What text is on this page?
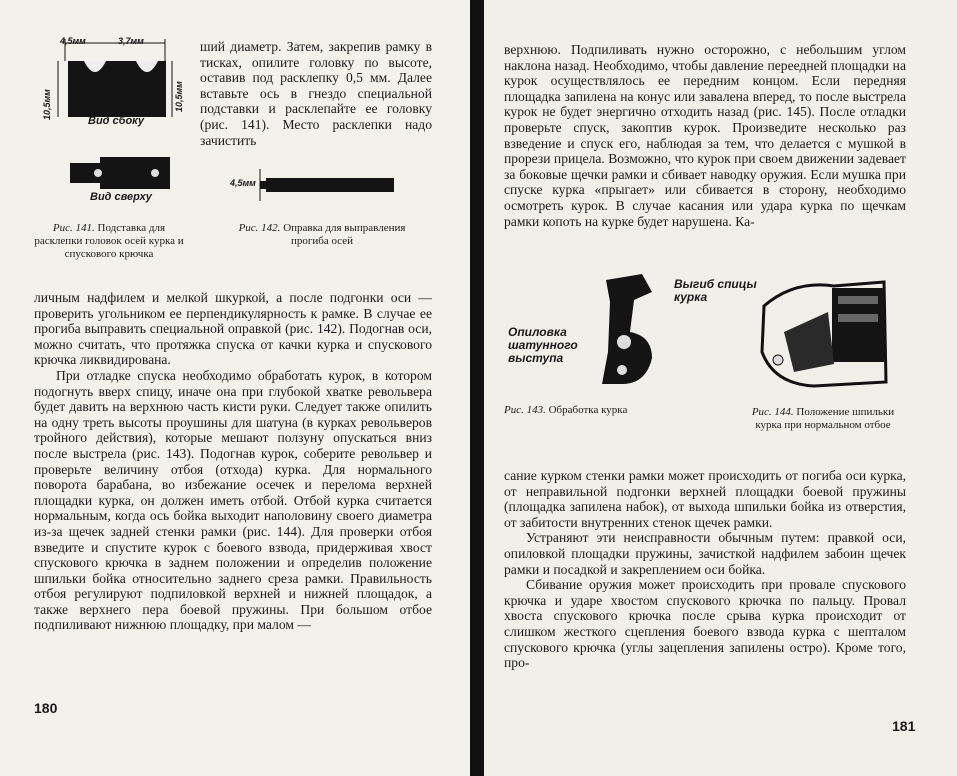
4,5мм	3,7мм
10,5мм	10,5мм
Вид сбоку
Вид сверху

Рис. 141. Подставка для расклепки головок осей курка и спускового крючка

ший диаметр. Затем, закрепив рамку в тисках, опилите головку по высоте, оставив под расклепку 0,5 мм. Далее вставьте ось в гнездо специальной подставки и расклепайте ее головку (рис. 141). Место расклепки надо зачистить

4,5мм

Рис. 142. Оправка для выправления прогиба осей

личным надфилем и мелкой шкуркой, а после подгонки оси — проверить угольником ее перпендикулярность к рамке. В случае ее прогиба выправить специальной оправкой (рис. 142). Подогнав оси, можно считать, что протяжка спуска от качки курка и спускового крючка ликвидирована.

При отладке спуска необходимо обработать курок, в котором подогнуть вверх спицу, иначе она при глубокой хватке револьвера будет давить на верхнюю часть кисти руки. Следует также опилить на одну треть высоты проушины для шатуна (в курках револьверов тройного действия), которые мешают ползуну опускаться вниз после выстрела (рис. 143). Подогнав курок, соберите револьвер и проверьте величину отбоя (отхода) курка. Для нормального поворота барабана, во избежание осечек и перелома верхней площадки курка, он должен иметь отбой. Отбой курка считается нормальным, когда ось бойка выходит наполовину своего диаметра из-за щечек задней стенки рамки (рис. 144). Для проверки отбоя взведите и спустите курок с боевого взвода, придерживая хвост спускового крючка в заднем положении и определив положение шпильки бойка относительно заднего среза рамки. Правильность отбоя регулируют подпиловкой верхней и нижней площадок, а также верхнего пера боевой пружины. При большом отбое подпиливают нижнюю площадку, при малом —

180

верхнюю. Подпиливать нужно осторожно, с небольшим углом наклона назад. Необходимо, чтобы давление переедней площадки на курок осуществлялось ее передним концом. Если передняя площадка запилена на конус или завалена вперед, то после выстрела курок не будет энергично отходить назад (рис. 145). После отладки проверьте спуск, закоптив курок. Произведите несколько раз взведение и спуск его, наблюдая за тем, что делается с мушкой в прорези прицела. Возможно, что курок при своем движении задевает за боковые щечки рамки и сбивает наводку оружия. Если мушка при спуске курка «прыгает» или сбивается в сторону, необходимо осмотреть курок. В случае касания или удара курка по щечкам рамки копоть на курке будет нарушена. Ка-

Выгиб спицы курка
Опиловка шатунного выступа

Рис. 143. Обработка курка	Рис. 144. Положение шпильки курка при нормальном отбое

сание курком стенки рамки может происходить от погиба оси курка, от неправильной подгонки верхней площадки боевой пружины (площадка запилена набок), от выхода шпильки бойка из отверстия, от забитости внутренних стенок щечек рамки.

Устраняют эти неисправности обычным путем: правкой оси, опиловкой площадки пружины, зачисткой надфилем забоин щечек рамки и посадкой и закреплением оси бойка.

Сбивание оружия может происходить при провале спускового крючка и ударе хвостом спускового крючка по пальцу. Провал хвоста спускового крючка после срыва курка происходит от слишком жесткого сцепления боевого взвода курка с шепталом спускового крючка (углы зацепления запилены остро). Кроме того, про-

181
